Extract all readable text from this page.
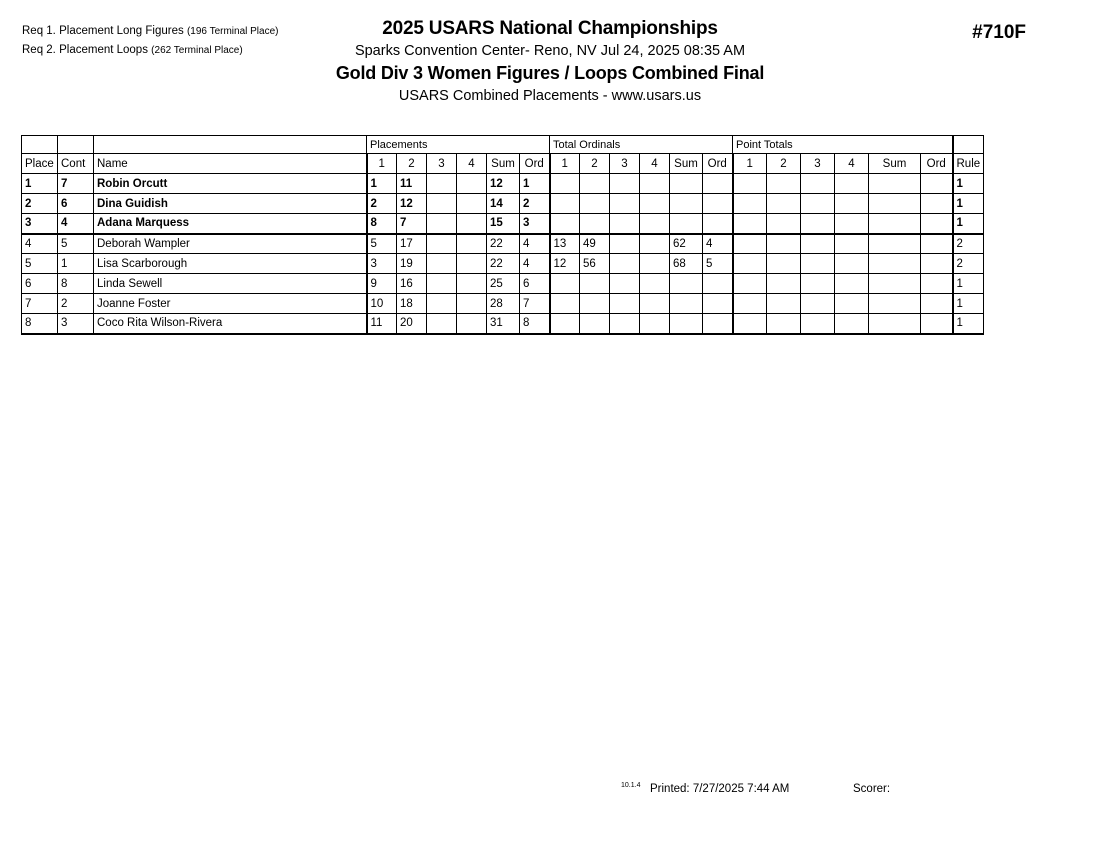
Req 1. Placement Long Figures (196 Terminal Place)
Req 2. Placement Loops (262 Terminal Place)
2025 USARS National Championships
Sparks Convention Center- Reno, NV Jul 24, 2025 08:35 AM
Gold Div 3 Women Figures / Loops Combined Final
USARS Combined Placements - www.usars.us
#710F
			Placements						Total Ordinals						Point Totals						
Place	Cont	Name	1	2	3	4	Sum	Ord	1	2	3	4	Sum	Ord	1	2	3	4	Sum	Ord	Rule
1	7	Robin Orcutt	1	11			12	1													1
2	6	Dina Guidish	2	12			14	2													1
3	4	Adana Marquess	8	7			15	3													1
4	5	Deborah Wampler	5	17			22	4	13	49			62	4							2
5	1	Lisa Scarborough	3	19			22	4	12	56			68	5							2
6	8	Linda Sewell	9	16			25	6													1
7	2	Joanne Foster	10	18			28	7													1
8	3	Coco Rita Wilson-Rivera	11	20			31	8													1
10.1.4 Printed: 7/27/2025 7:44 AM	Scorer:
